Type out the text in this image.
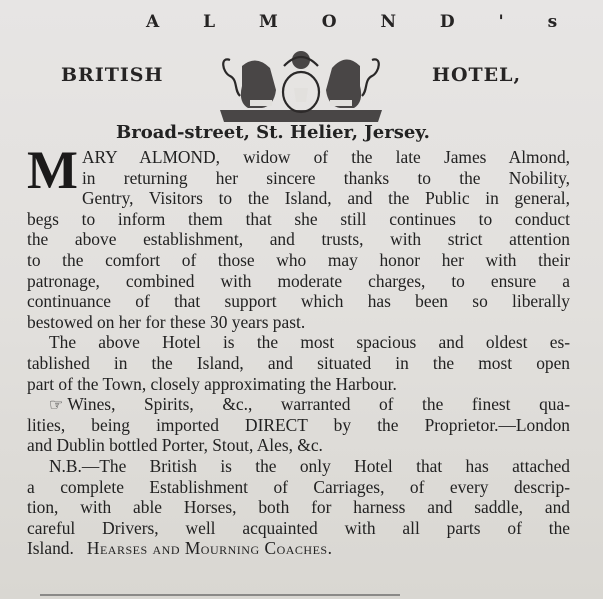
A L M O N D ' s
BRITISH	HOTEL,
Broad-street, St. Helier, Jersey.
M ARY ALMOND, widow of the late James Almond,
in returning her sincere thanks to the Nobility,
Gentry, Visitors to the Island, and the Public in general,
begs to inform them that she still continues to conduct
the above establishment, and trusts, with strict attention
to the comfort of those who may honor her with their
patronage, combined with moderate charges, to ensure a
continuance of that support which has been so liberally
bestowed on her for these 30 years past.
The above Hotel is the most spacious and oldest es-
tablished in the Island, and situated in the most open
part of the Town, closely approximating the Harbour.
☞ Wines, Spirits, &c., warranted of the finest qua-
lities, being imported DIRECT by the Proprietor.—London
and Dublin bottled Porter, Stout, Ales, &c.
N.B.—The British is the only Hotel that has attached
a complete Establishment of Carriages, of every descrip-
tion, with able Horses, both for harness and saddle, and
careful Drivers, well acquainted with all parts of the
Island. Hearses and Mourning Coaches.
